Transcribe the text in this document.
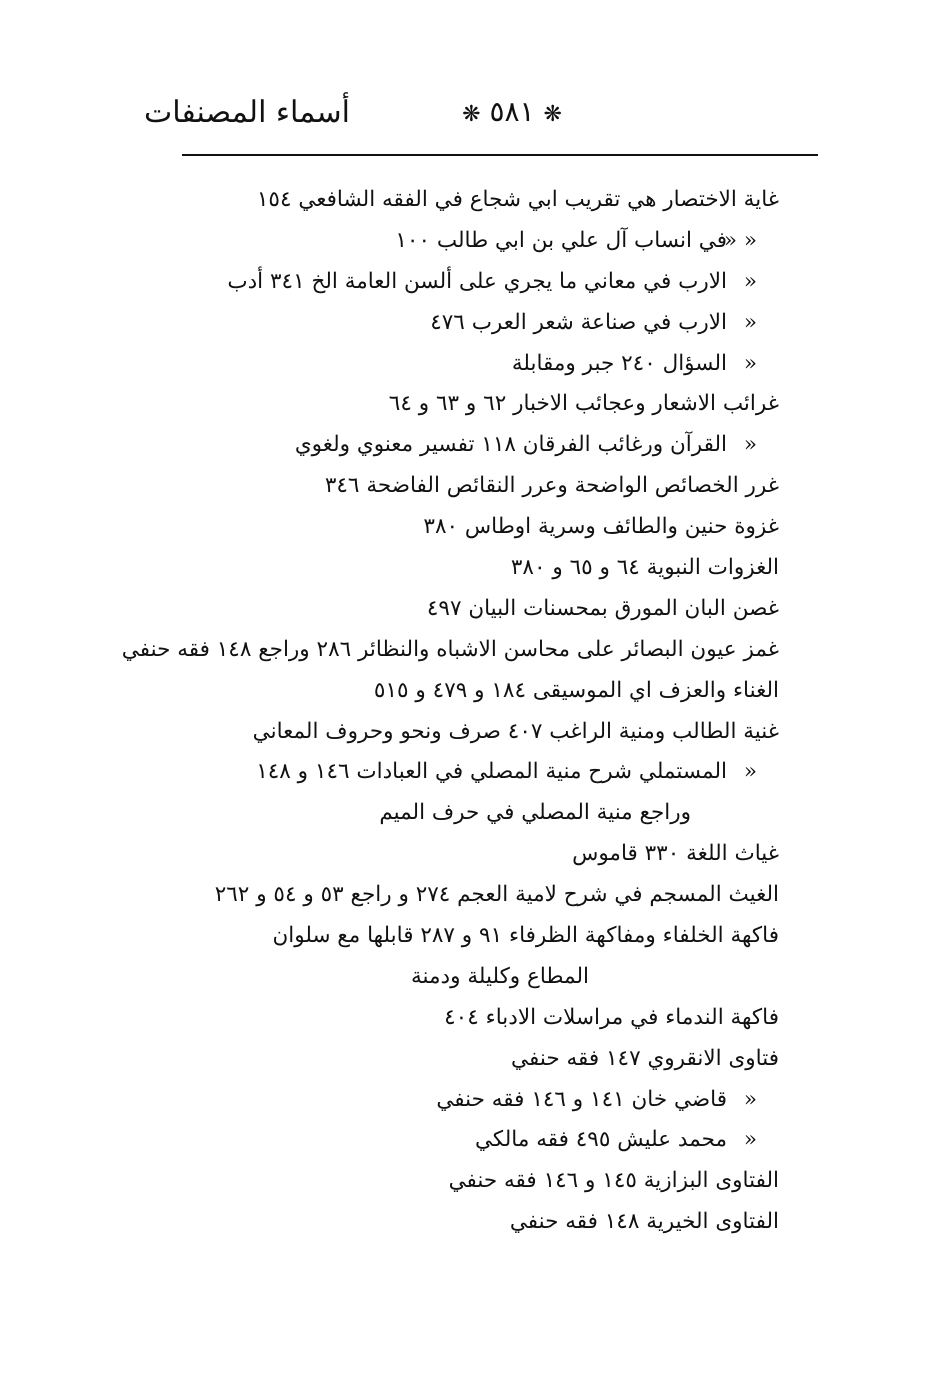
أسماء المصنفات	❋ ٥٨١ ❋
غاية الاختصار هي تقريب ابي شجاع في الفقه الشافعي ١٥٤
« «في انساب آل علي بن ابي طالب ١٠٠
«الارب في معاني ما يجري على ألسن العامة الخ ٣٤١ أدب
«الارب في صناعة شعر العرب ٤٧٦
«السؤال ٢٤٠ جبر ومقابلة
غرائب الاشعار وعجائب الاخبار ٦٢ و ٦٣ و ٦٤
«القرآن ورغائب الفرقان ١١٨ تفسير معنوي ولغوي
غرر الخصائص الواضحة وعرر النقائص الفاضحة ٣٤٦
غزوة حنين والطائف وسرية اوطاس ٣٨٠
الغزوات النبوية ٦٤ و ٦٥ و ٣٨٠
غصن البان المورق بمحسنات البيان ٤٩٧
غمز عيون البصائر على محاسن الاشباه والنظائر ٢٨٦ وراجع ١٤٨ فقه حنفي
الغناء والعزف اي الموسيقى ١٨٤ و ٤٧٩ و ٥١٥
غنية الطالب ومنية الراغب ٤٠٧ صرف ونحو وحروف المعاني
«المستملي شرح منية المصلي في العبادات ١٤٦ و ١٤٨
وراجع منية المصلي في حرف الميم
غياث اللغة ٣٣٠ قاموس
الغيث المسجم في شرح لامية العجم ٢٧٤ و راجع ٥٣ و ٥٤ و ٢٦٢
فاكهة الخلفاء ومفاكهة الظرفاء ٩١ و ٢٨٧ قابلها مع سلوان
المطاع وكليلة ودمنة
فاكهة الندماء في مراسلات الادباء ٤٠٤
فتاوى الانقروي ١٤٧ فقه حنفي
«قاضي خان ١٤١ و ١٤٦ فقه حنفي
«محمد عليش ٤٩٥ فقه مالكي
الفتاوى البزازية ١٤٥ و ١٤٦ فقه حنفي
الفتاوى الخيرية ١٤٨ فقه حنفي
